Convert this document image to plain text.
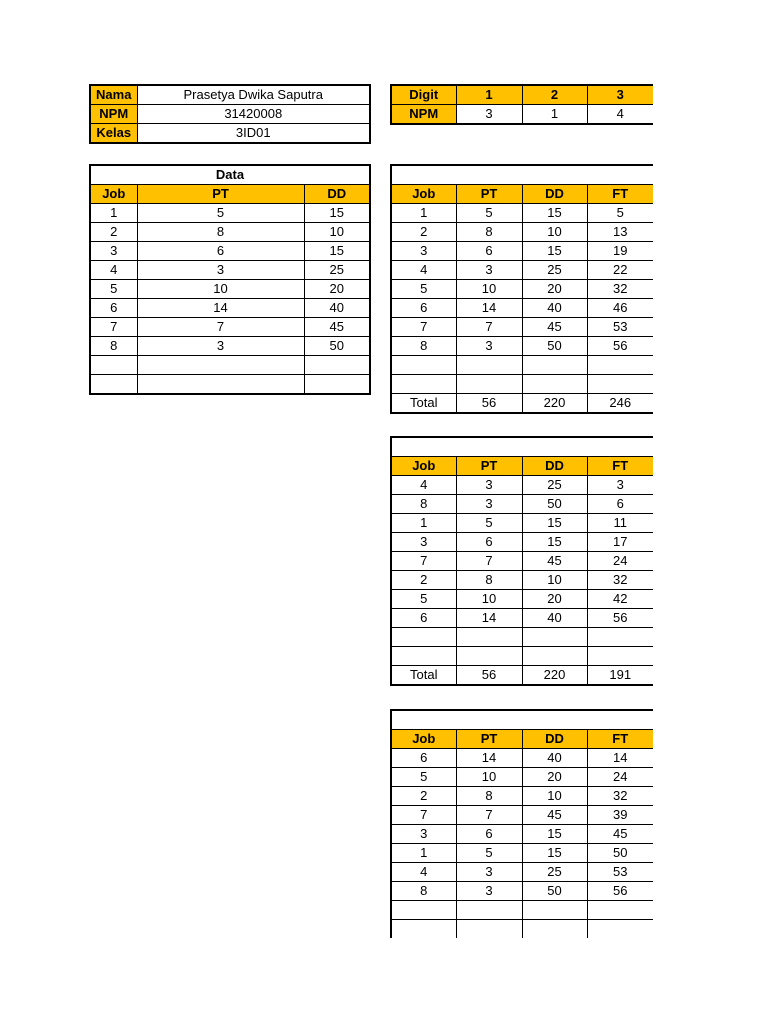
Nama	Prasetya Dwika Saputra
NPM	31420008
Kelas	3ID01
Digit	1	2	3
NPM	3	1	4
Data		
Job	PT	DD
1	5	15
2	8	10
3	6	15
4	3	25
5	10	20
6	14	40
7	7	45
8	3	50

Job	PT	DD	FT
1	5	15	5
2	8	10	13
3	6	15	19
4	3	25	22
5	10	20	32
6	14	40	46
7	7	45	53
8	3	50	56

Total	56	220	246

Job	PT	DD	FT
4	3	25	3
8	3	50	6
1	5	15	11
3	6	15	17
7	7	45	24
2	8	10	32
5	10	20	42
6	14	40	56

Total	56	220	191

Job	PT	DD	FT
6	14	40	14
5	10	20	24
2	8	10	32
7	7	45	39
3	6	15	45
1	5	15	50
4	3	25	53
8	3	50	56
